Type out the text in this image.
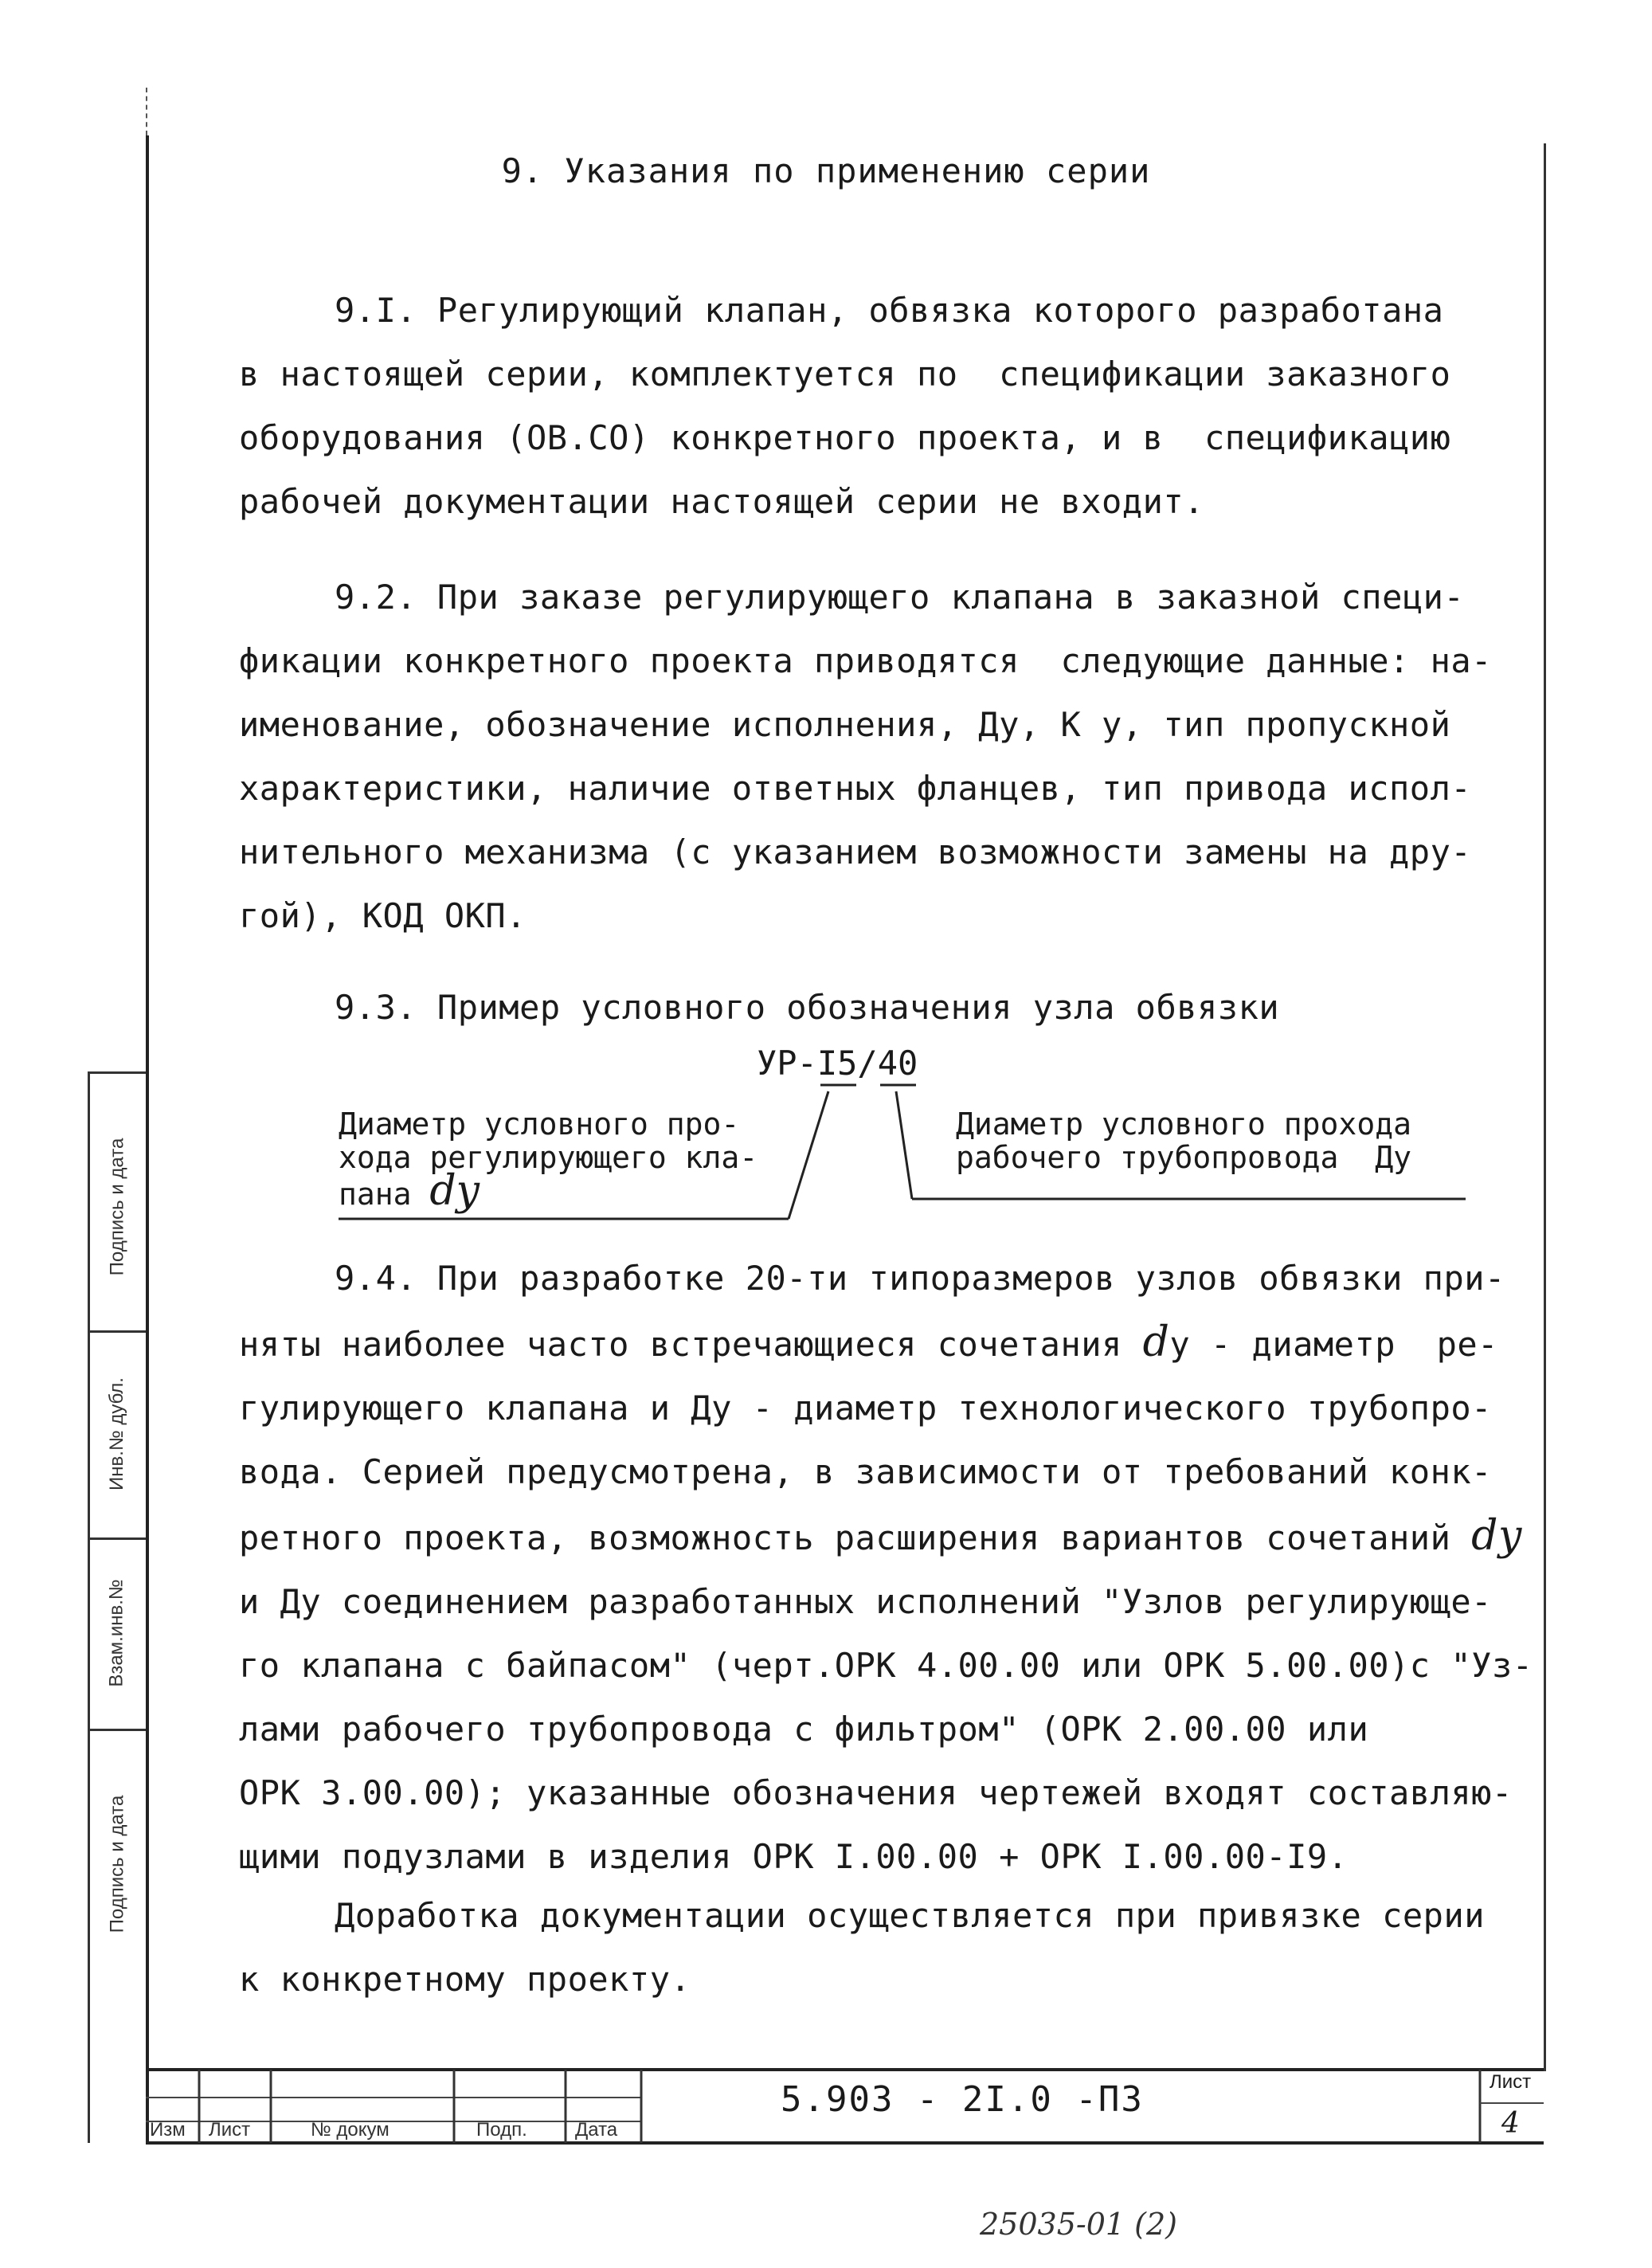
Подпись и дата
Инв.№ дубл.
Взам.инв.№
Подпись и дата
9. Указания по применению серии
9.I. Регулирующий клапан, обвязка которого разработана
в настоящей серии, комплектуется по  спецификации заказного
оборудования (ОВ.СО) конкретного проекта, и в  спецификацию
рабочей документации настоящей серии не входит.
9.2. При заказе регулирующего клапана в заказной специ-
фикации конкретного проекта приводятся  следующие данные: на-
именование, обозначение исполнения, Ду, К у, тип пропускной
характеристики, наличие ответных фланцев, тип привода испол-
нительного механизма (с указанием возможности замены на дру-
гой), КОД ОКП.
9.3. Пример условного обозначения узла обвязки
УР-I5/40
Диаметр условного про-
хода регулирующего кла-
пана dу
Диаметр условного прохода
рабочего трубопровода  Ду
9.4. При разработке 20-ти типоразмеров узлов обвязки при-
няты наиболее часто встречающиеся сочетания dу - диаметр  ре-
гулирующего клапана и Ду - диаметр технологического трубопро-
вода. Серией предусмотрена, в зависимости от требований конк-
ретного проекта, возможность расширения вариантов сочетаний dy
и Ду соединением разработанных исполнений "Узлов регулирующе-
го клапана с байпасом" (черт.ОРК 4.00.00 или ОРК 5.00.00)с "Уз-
лами рабочего трубопровода с фильтром" (ОРК 2.00.00 или
ОРК 3.00.00); указанные обозначения чертежей входят составляю-
щими подузлами в изделия ОРК I.00.00 + ОРК I.00.00-I9.
Доработка документации осуществляется при привязке серии
к конкретному проекту.
Изм Лист	№ докум	Подп.	Дата
5.903 - 2I.0 -ПЗ	Лист
4
25035-01 (2)
